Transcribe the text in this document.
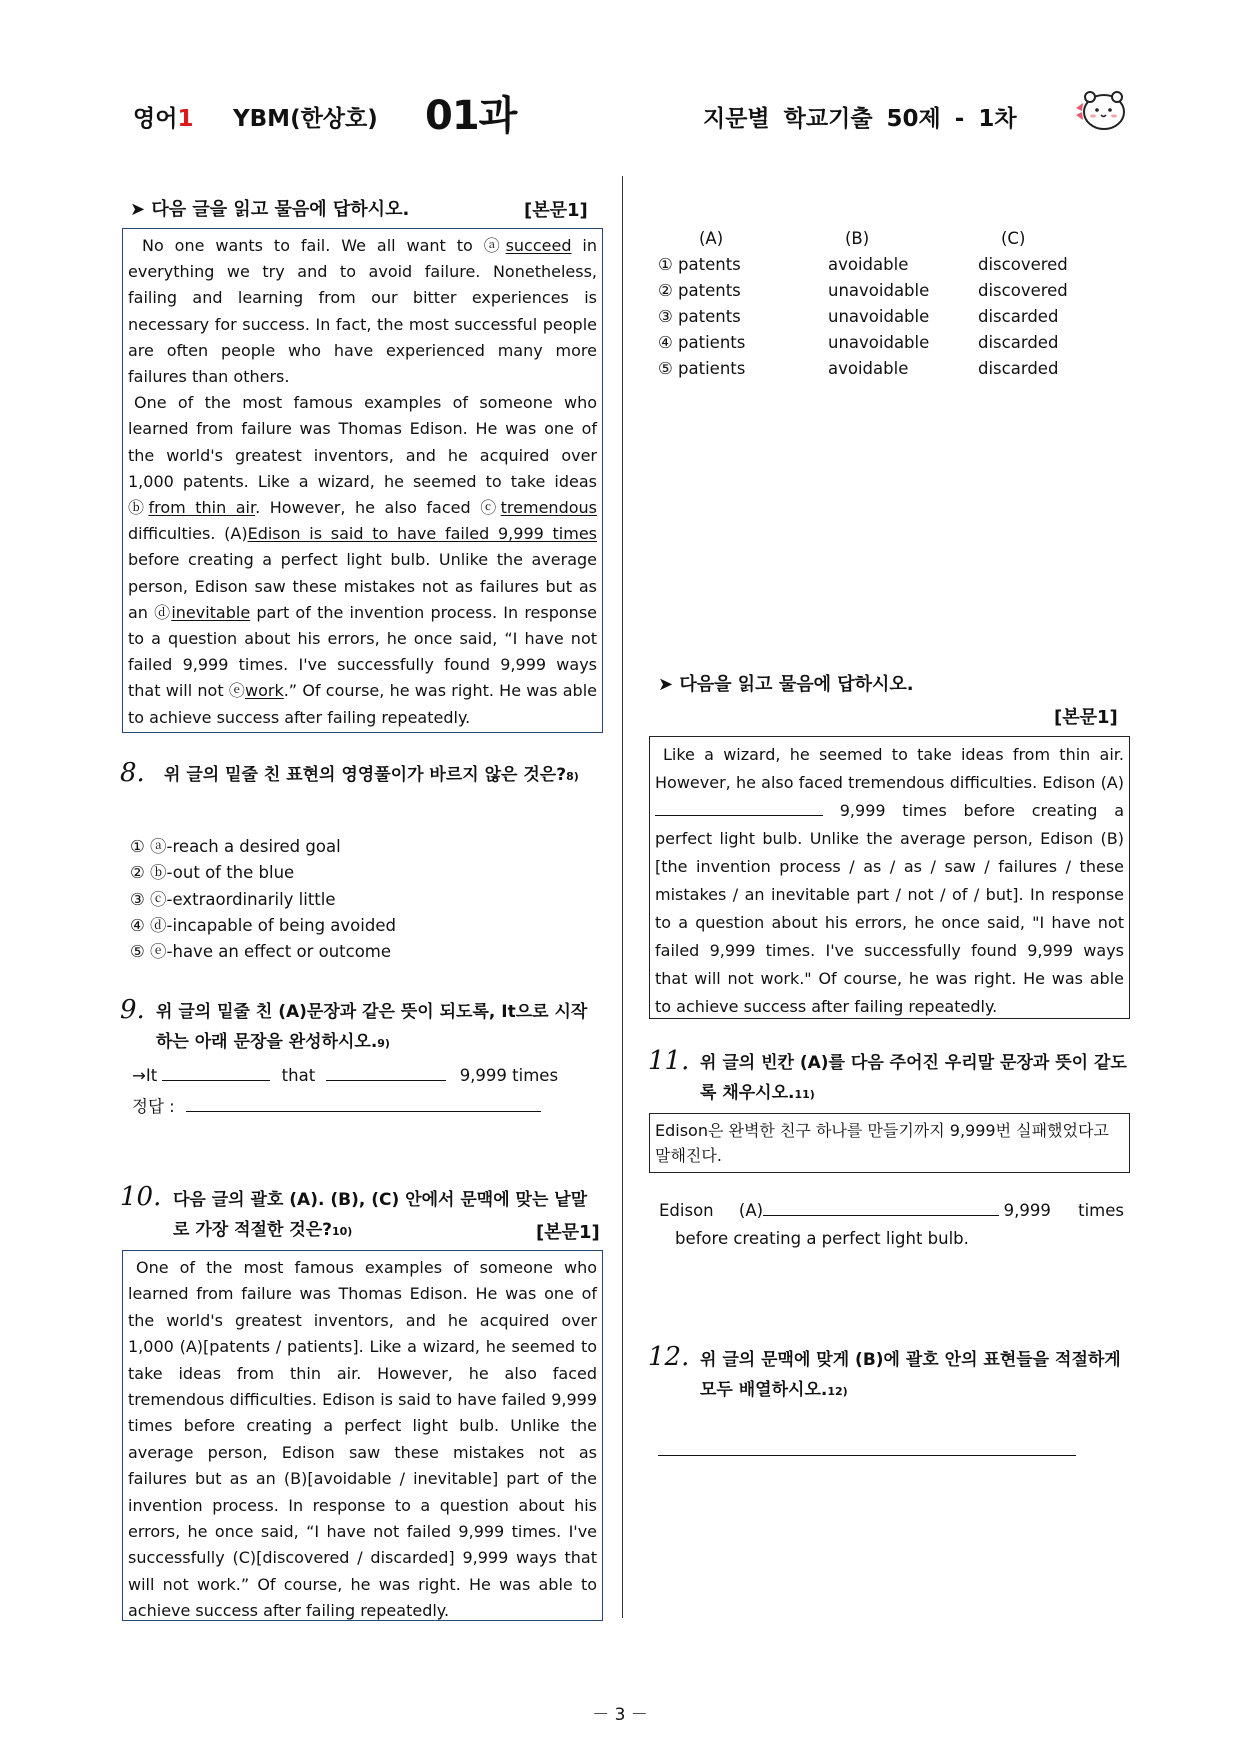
영어1 YBM(한상호) 01과	지문별 학교기출 50제 - 1차
➤ 다음 글을 읽고 물음에 답하시오.	[본문1]

No one wants to fail. We all want to ⓐsucceed in everything we try and to avoid failure. Nonetheless, failing and learning from our bitter experiences is necessary for success. In fact, the most successful people are often people who have experienced many more failures than others.

One of the most famous examples of someone who learned from failure was Thomas Edison. He was one of the world's greatest inventors, and he acquired over 1,000 patents. Like a wizard, he seemed to take ideas ⓑfrom thin air. However, he also faced ⓒtremendous difficulties. (A)Edison is said to have failed 9,999 times before creating a perfect light bulb. Unlike the average person, Edison saw these mistakes not as failures but as an ⓓinevitable part of the invention process. In response to a question about his errors, he once said, “I have not failed 9,999 times. I've successfully found 9,999 ways that will not ⓔwork.” Of course, he was right. He was able to achieve success after failing repeatedly.

8.	위 글의 밑줄 친 표현의 영영풀이가 바르지 않은 것은?8)
① ⓐ-reach a desired goal
② ⓑ-out of the blue
③ ⓒ-extraordinarily little
④ ⓓ-incapable of being avoided
⑤ ⓔ-have an effect or outcome
9. 위 글의 밑줄 친 (A)문장과 같은 뜻이 되도록, It으로 시작하는 아래 문장을 완성하시오.9)
→It	that	9,999 times
정답 :
10. 다음 글의 괄호 (A). (B), (C) 안에서 문맥에 맞는 낱말로 가장 적절한 것은?10)	[본문1]
One of the most famous examples of someone who learned from failure was Thomas Edison. He was one of the world's greatest inventors, and he acquired over 1,000 (A)[patents / patients]. Like a wizard, he seemed to take ideas from thin air. However, he also faced tremendous difficulties. Edison is said to have failed 9,999 times before creating a perfect light bulb. Unlike the average person, Edison saw these mistakes not as failures but as an (B)[avoidable / inevitable] part of the invention process. In response to a question about his errors, he once said, “I have not failed 9,999 times. I've successfully (C)[discovered / discarded] 9,999 ways that will not work.” Of course, he was right. He was able to achieve success after failing repeatedly.
(A)	(B)	(C)
① patents	avoidable	discovered
② patents	unavoidable	discovered
③ patents	unavoidable	discarded
④ patients	unavoidable	discarded
⑤ patients	avoidable	discarded
➤ 다음을 읽고 물음에 답하시오.
[본문1]
Like a wizard, he seemed to take ideas from thin air. However, he also faced tremendous difficulties. Edison (A) 9,999 times before creating a perfect light bulb. Unlike the average person, Edison (B)[the invention process / as / as / saw / failures / these mistakes / an inevitable part / not / of / but]. In response to a question about his errors, he once said, "I have not failed 9,999 times. I've successfully found 9,999 ways that will not work." Of course, he was right. He was able to achieve success after failing repeatedly.
11. 위 글의 빈칸 (A)를 다음 주어진 우리말 문장과 뜻이 같도록 채우시오.11)
Edison은 완벽한 친구 하나를 만들기까지 9,999번 실패했었다고 말해진다.
Edison (A)	9,999 times
before creating a perfect light bulb.
12. 위 글의 문맥에 맞게 (B)에 괄호 안의 표현들을 적절하게 모두 배열하시오.12)
－ 3 －
